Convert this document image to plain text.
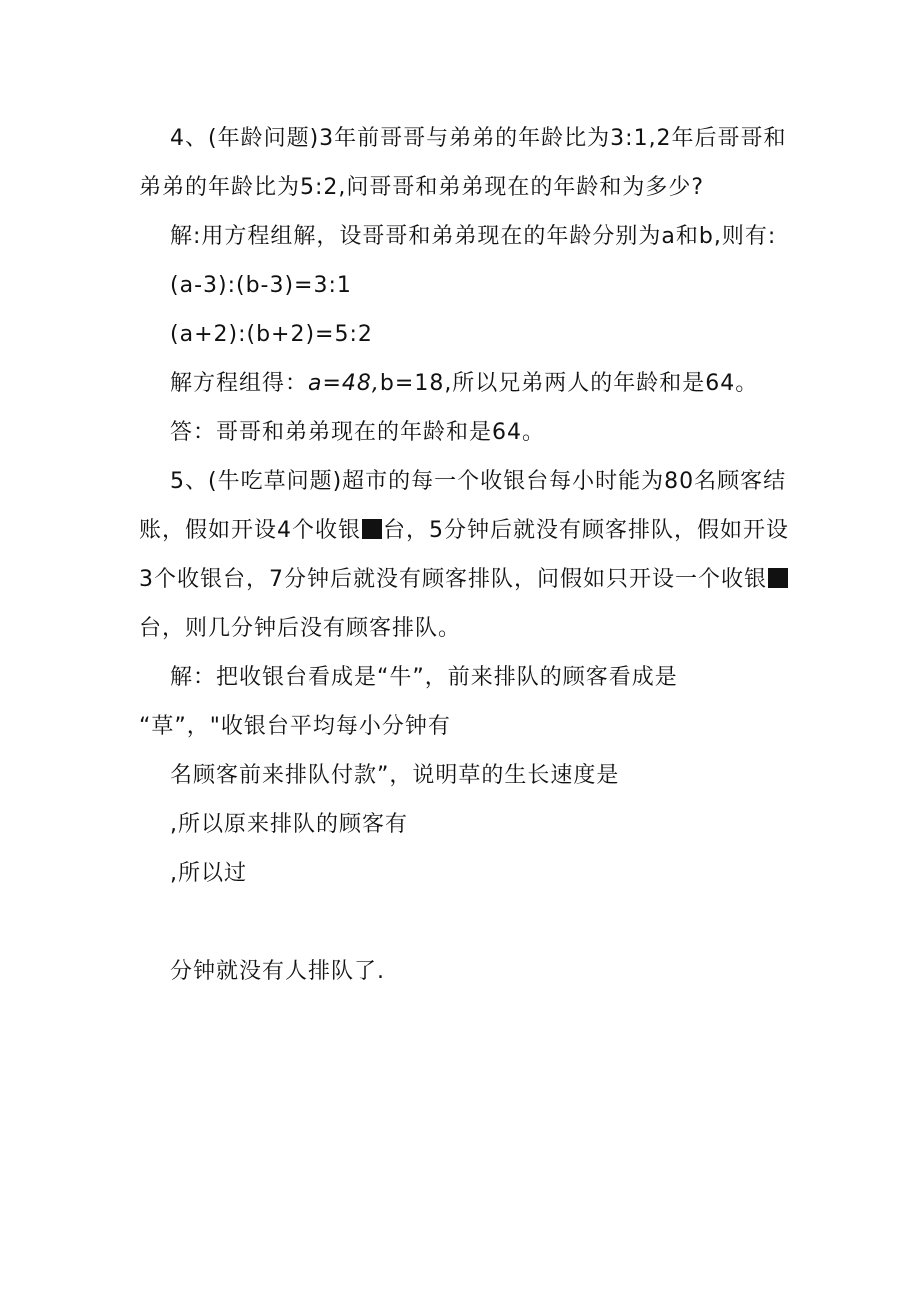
4、(年龄问题)3年前哥哥与弟弟的年龄比为3:1,2年后哥哥和
弟弟的年龄比为5:2,问哥哥和弟弟现在的年龄和为多少?
解:用方程组解，设哥哥和弟弟现在的年龄分别为a和b,则有:
(a-3):(b-3)=3:1
(a+2):(b+2)=5:2
解方程组得：a=48,b=18,所以兄弟两人的年龄和是64。
答：哥哥和弟弟现在的年龄和是64。
5、(牛吃草问题)超市的每一个收银台每小时能为80名顾客结
账，假如开设4个收银 台，5分钟后就没有顾客排队，假如开设
3个收银台，7分钟后就没有顾客排队，问假如只开设一个收银
台，则几分钟后没有顾客排队。
解：把收银台看成是“牛”，前来排队的顾客看成是
“草”，"收银台平均每小分钟有
名顾客前来排队付款”，说明草的生长速度是
,所以原来排队的顾客有
,所以过
分钟就没有人排队了.
